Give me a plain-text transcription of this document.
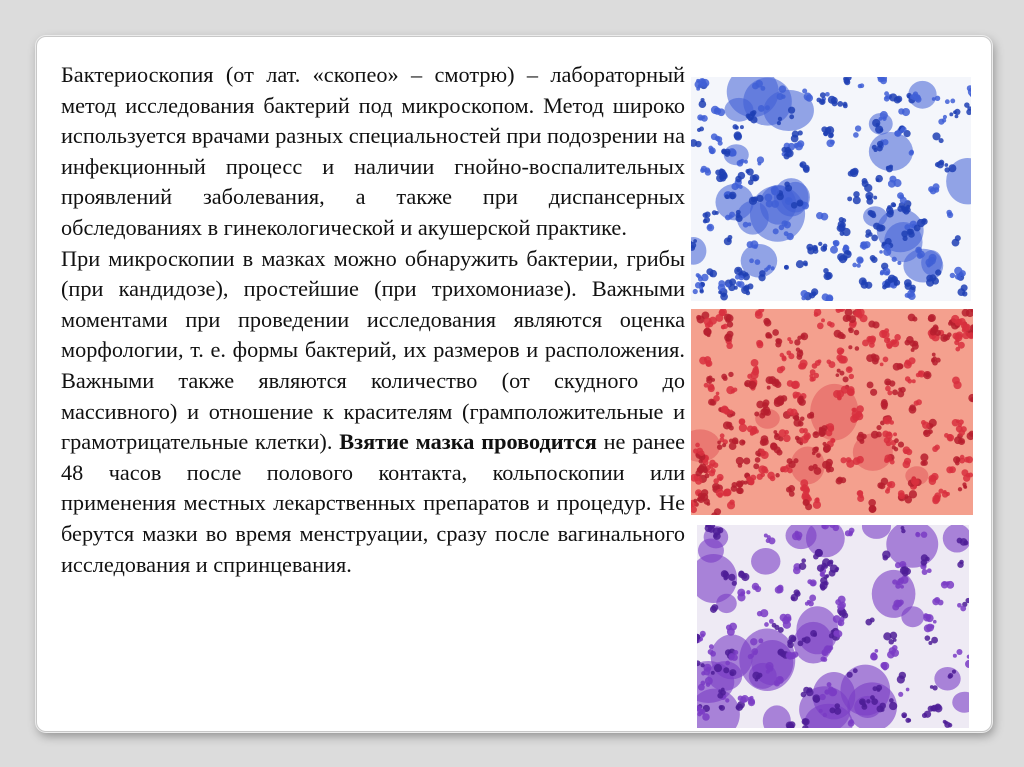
Бактериоскопия (от лат. «скопео» – смотрю) – лабораторный метод исследования бактерий под микроскопом. Метод широко используется врачами разных специальностей при подозрении на инфекционный процесс и наличии гнойно-воспалительных проявлений заболевания, а также при диспансерных обследованиях в гинекологической и акушерской практике.

При микроскопии в мазках можно обнаружить бактерии, грибы (при кандидозе), простейшие (при трихомониазе). Важными моментами при проведении исследования являются оценка морфологии, т. е. формы бактерий, их размеров и расположения. Важными также являются количество (от скудного до массивного) и отношение к красителям (грамположительные и грамотрицательные клетки). Взятие мазка проводится не ранее 48 часов после полового контакта, кольпоскопии или применения местных лекарственных препаратов и процедур. Не берутся мазки во время менструации, сразу после вагинального исследования и спринцевания.
